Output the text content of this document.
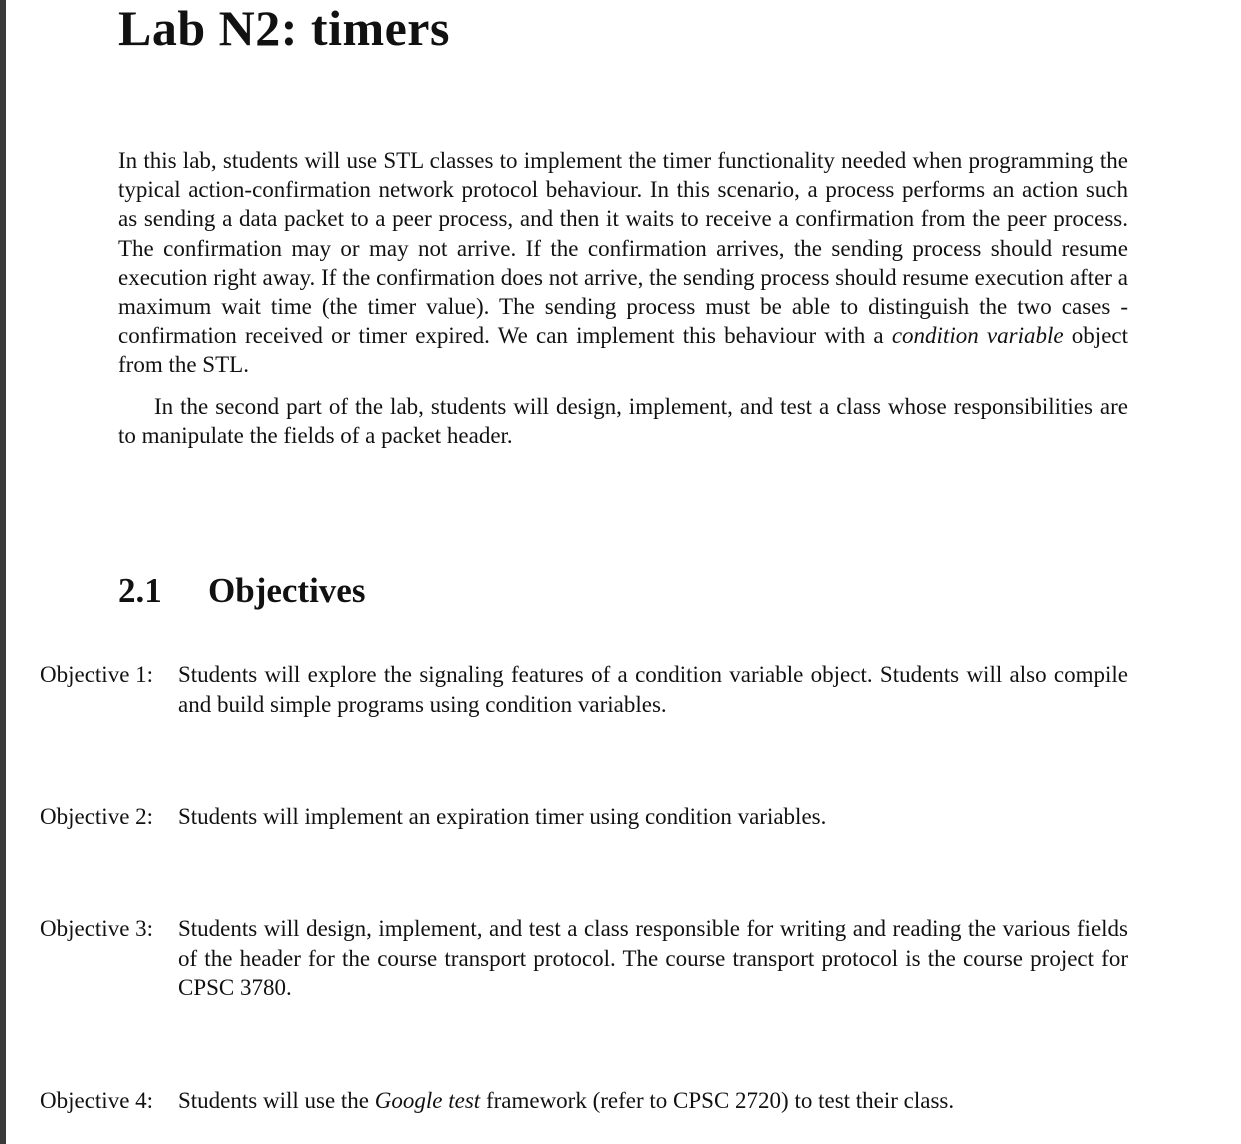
Lab N2: timers

In this lab, students will use STL classes to implement the timer functionality needed when programming the typical action-confirmation network protocol behaviour. In this scenario, a process performs an action such as sending a data packet to a peer process, and then it waits to receive a confirmation from the peer process. The confirmation may or may not arrive. If the confirmation arrives, the sending process should resume execution right away. If the confirmation does not arrive, the sending process should resume execution after a maximum wait time (the timer value). The sending process must be able to distinguish the two cases - confirmation received or timer expired. We can implement this behaviour with a condition variable object from the STL.

In the second part of the lab, students will design, implement, and test a class whose responsibilities are to manipulate the fields of a packet header.

2.1 Objectives
Objective 1: Students will explore the signaling features of a condition variable object. Students will also compile and build simple programs using condition variables.
Objective 2: Students will implement an expiration timer using condition variables.
Objective 3: Students will design, implement, and test a class responsible for writing and reading the various fields of the header for the course transport protocol. The course transport protocol is the course project for CPSC 3780.
Objective 4: Students will use the Google test framework (refer to CPSC 2720) to test their class.
